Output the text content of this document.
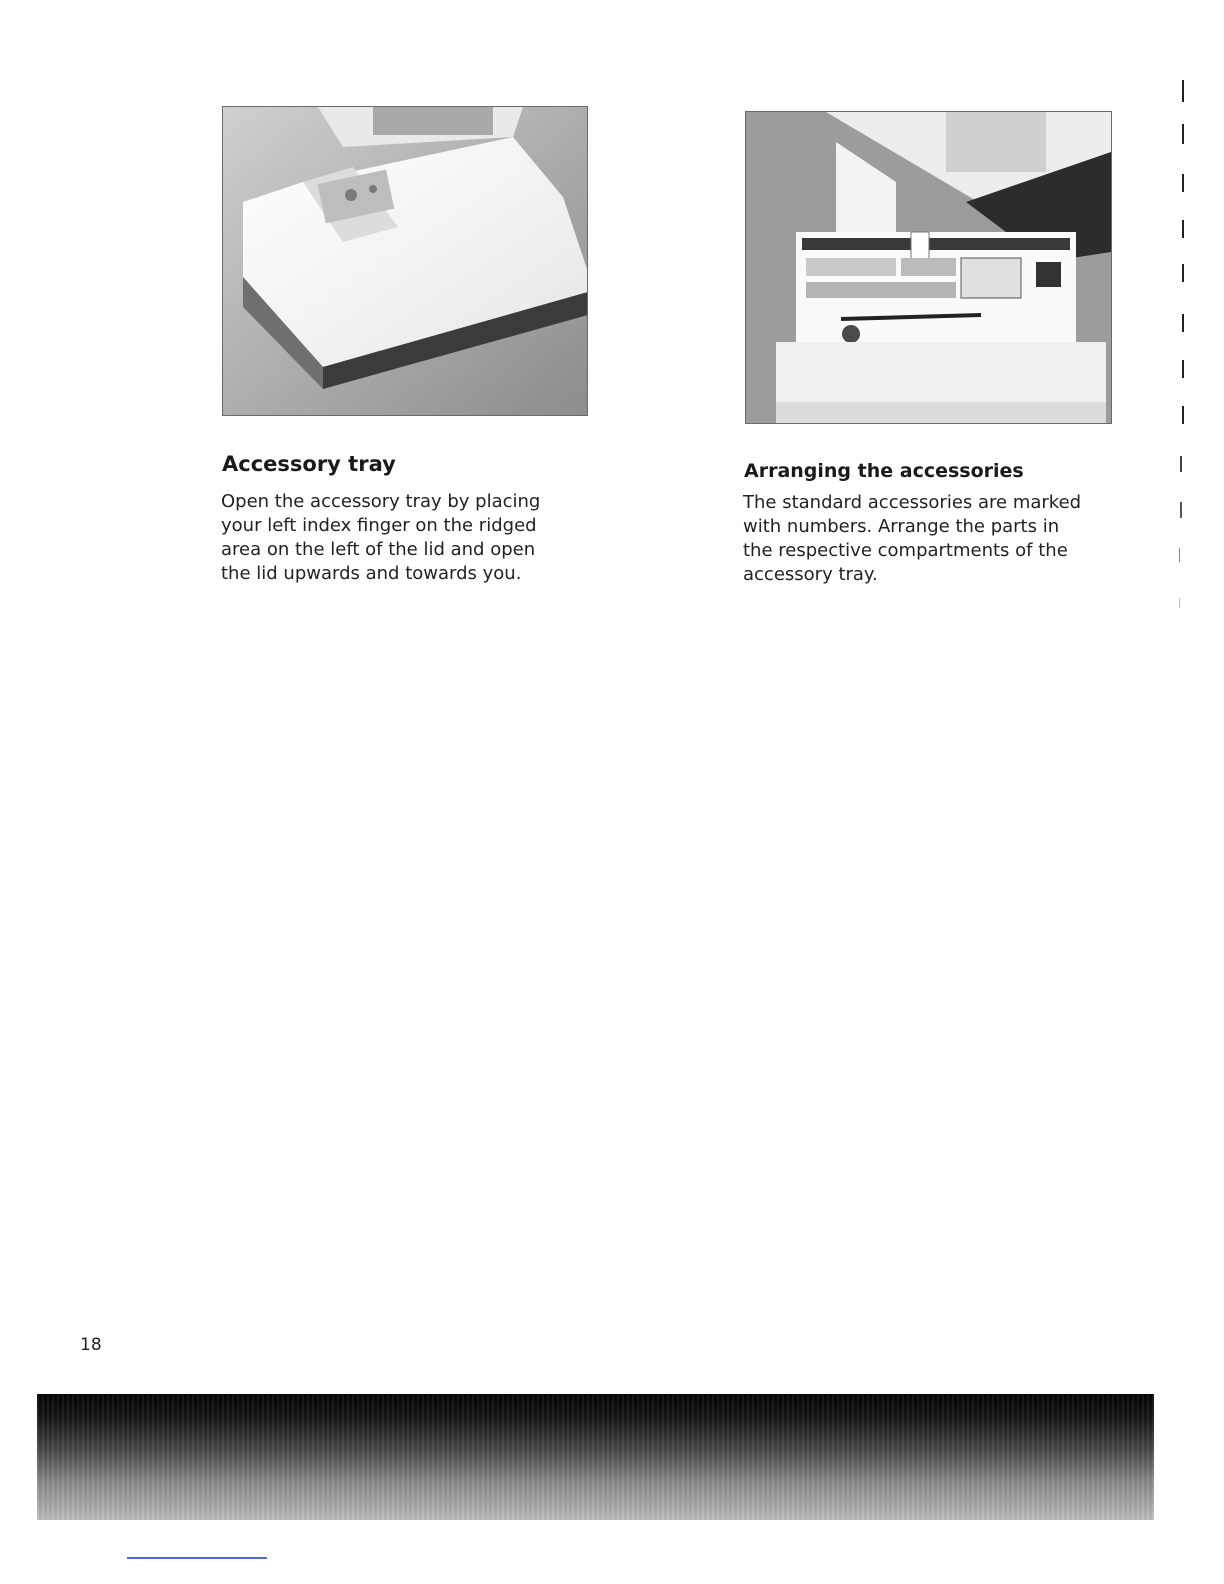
Accessory tray

Open the accessory tray by placing
your left index finger on the ridged
area on the left of the lid and open
the lid upwards and towards you.

Arranging the accessories

The standard accessories are marked
with numbers. Arrange the parts in
the respective compartments of the
accessory tray.

18
